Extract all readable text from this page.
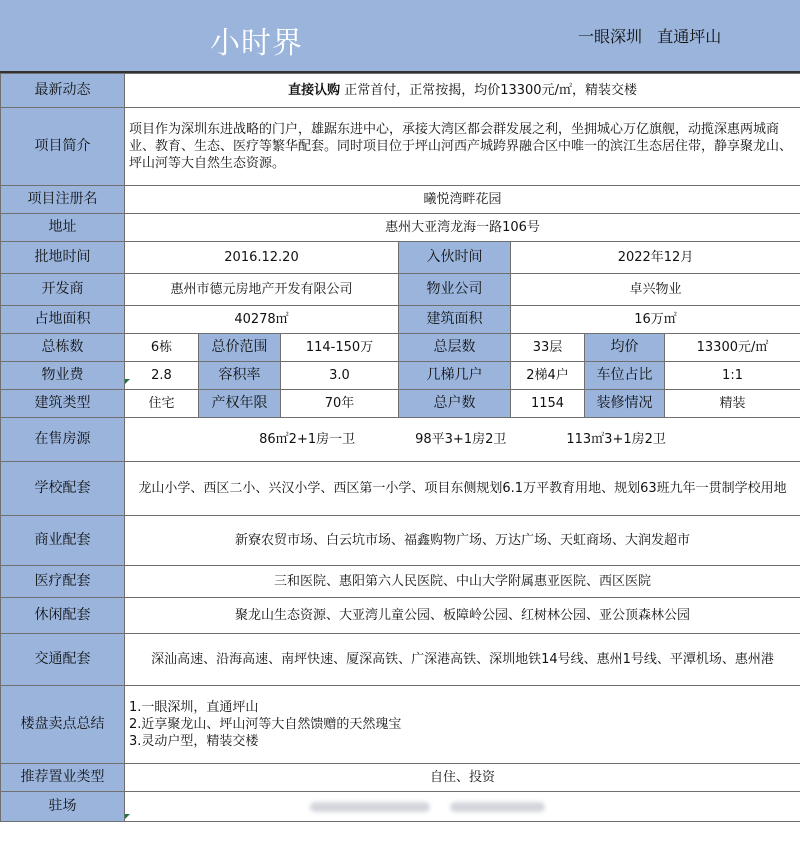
小时界	一眼深圳   直通坪山
最新动态	直接认购 正常首付，正常按揭，均价13300元/㎡，精装交楼						
项目简介	项目作为深圳东进战略的门户，雄踞东进中心，承接大湾区都会群发展之利，坐拥城心万亿旗舰，动揽深惠两城商业、教育、生态、医疗等繁华配套。同时项目位于坪山河西产城跨界融合区中唯一的滨江生态居住带，静享聚龙山、坪山河等大自然生态资源。						
项目注册名	曦悦湾畔花园						
地址	惠州大亚湾龙海一路106号						
批地时间	2016.12.20			入伙时间	2022年12月		
开发商	惠州市德元房地产开发有限公司			物业公司	卓兴物业		
占地面积	40278㎡			建筑面积	16万㎡		
总栋数	6栋	总价范围	114-150万	总层数	33层	均价	13300元/㎡
物业费	2.8	容积率	3.0	几梯几户	2梯4户	车位占比	1:1
建筑类型	住宅	产权年限	70年	总户数	1154	装修情况	精装
在售房源	86㎡2+1房一卫 98平3+1房2卫 113㎡3+1房2卫						
学校配套	龙山小学、西区二小、兴汉小学、西区第一小学、项目东侧规划6.1万平教育用地、规划63班九年一贯制学校用地						
商业配套	新寮农贸市场、白云坑市场、福鑫购物广场、万达广场、天虹商场、大润发超市						
医疗配套	三和医院、惠阳第六人民医院、中山大学附属惠亚医院、西区医院						
休闲配套	聚龙山生态资源、大亚湾儿童公园、板障岭公园、红树林公园、亚公顶森林公园						
交通配套	深汕高速、沿海高速、南坪快速、厦深高铁、广深港高铁、深圳地铁14号线、惠州1号线、平潭机场、惠州港						
楼盘卖点总结	1.一眼深圳，直通坪山
2.近享聚龙山、坪山河等大自然馈赠的天然瑰宝
3.灵动户型，精装交楼						

推荐置业类型	自住、投资						
驻场							
